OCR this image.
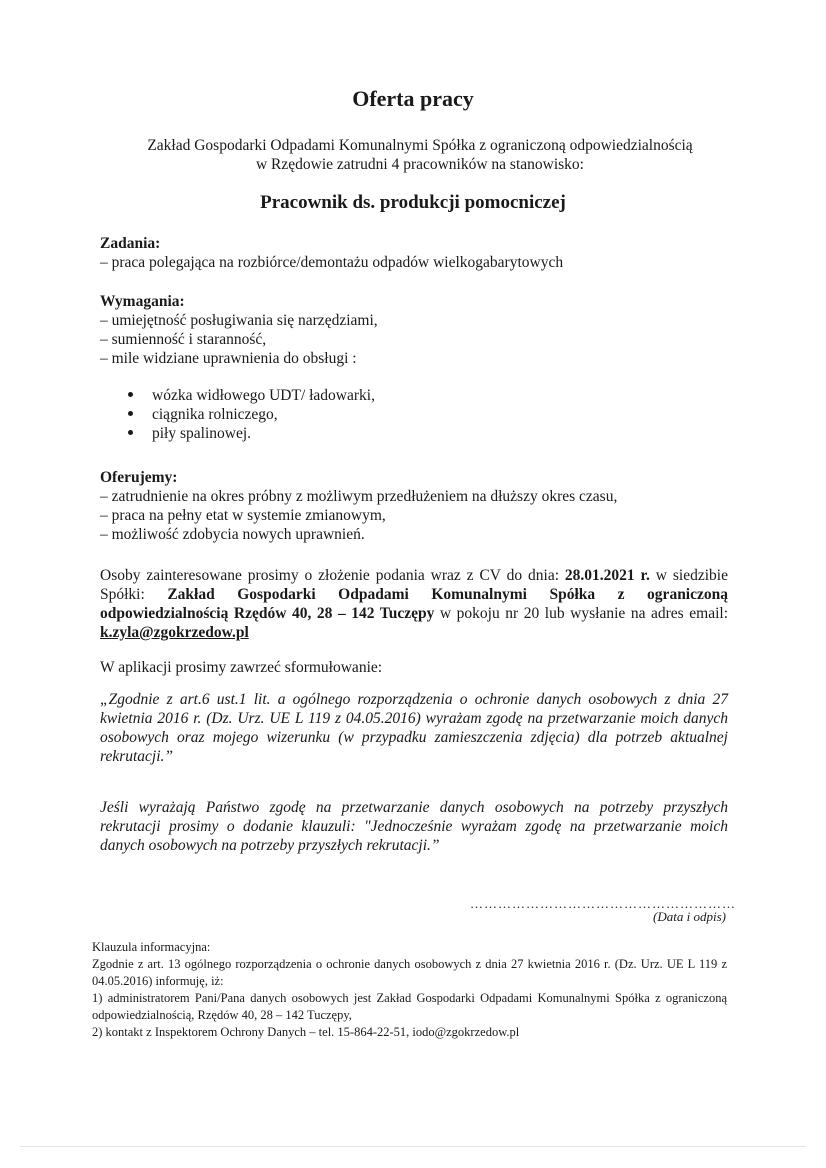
Oferta pracy
Zakład Gospodarki Odpadami Komunalnymi Spółka z ograniczoną odpowiedzialnością
w Rzędowie zatrudni 4 pracowników na stanowisko:
Pracownik ds. produkcji pomocniczej
Zadania:
– praca polegająca na rozbiórce/demontażu odpadów wielkogabarytowych
Wymagania:
– umiejętność posługiwania się narzędziami,
– sumienność i staranność,
– mile widziane uprawnienia do obsługi :
wózka widłowego UDT/ ładowarki,
ciągnika rolniczego,
piły spalinowej.
Oferujemy:
– zatrudnienie na okres próbny z możliwym przedłużeniem na dłuższy okres czasu,
– praca na pełny etat w systemie zmianowym,
– możliwość zdobycia nowych uprawnień.
Osoby zainteresowane prosimy o złożenie podania wraz z CV do dnia: 28.01.2021 r. w siedzibie Spółki: Zakład Gospodarki Odpadami Komunalnymi Spółka z ograniczoną odpowiedzialnością Rzędów 40, 28 – 142 Tuczępy w pokoju nr 20 lub wysłanie na adres email: k.zyla@zgokrzedow.pl
W aplikacji prosimy zawrzeć sformułowanie:
„Zgodnie z art.6 ust.1 lit. a ogólnego rozporządzenia o ochronie danych osobowych z dnia 27 kwietnia 2016 r. (Dz. Urz. UE L 119 z 04.05.2016) wyrażam zgodę na przetwarzanie moich danych osobowych oraz mojego wizerunku (w przypadku zamieszczenia zdjęcia) dla potrzeb aktualnej rekrutacji.”
Jeśli wyrażają Państwo zgodę na przetwarzanie danych osobowych na potrzeby przyszłych rekrutacji prosimy o dodanie klauzuli: "Jednocześnie wyrażam zgodę na przetwarzanie moich danych osobowych na potrzeby przyszłych rekrutacji.”
…………………………………………………
(Data i odpis)

Klauzula informacyjna:

Zgodnie z art. 13 ogólnego rozporządzenia o ochronie danych osobowych z dnia 27 kwietnia 2016 r. (Dz. Urz. UE L 119 z 04.05.2016) informuję, iż:

1) administratorem Pani/Pana danych osobowych jest Zakład Gospodarki Odpadami Komunalnymi Spółka z ograniczoną odpowiedzialnością, Rzędów 40, 28 – 142 Tuczępy,

2) kontakt z Inspektorem Ochrony Danych – tel. 15-864-22-51, iodo@zgokrzedow.pl
